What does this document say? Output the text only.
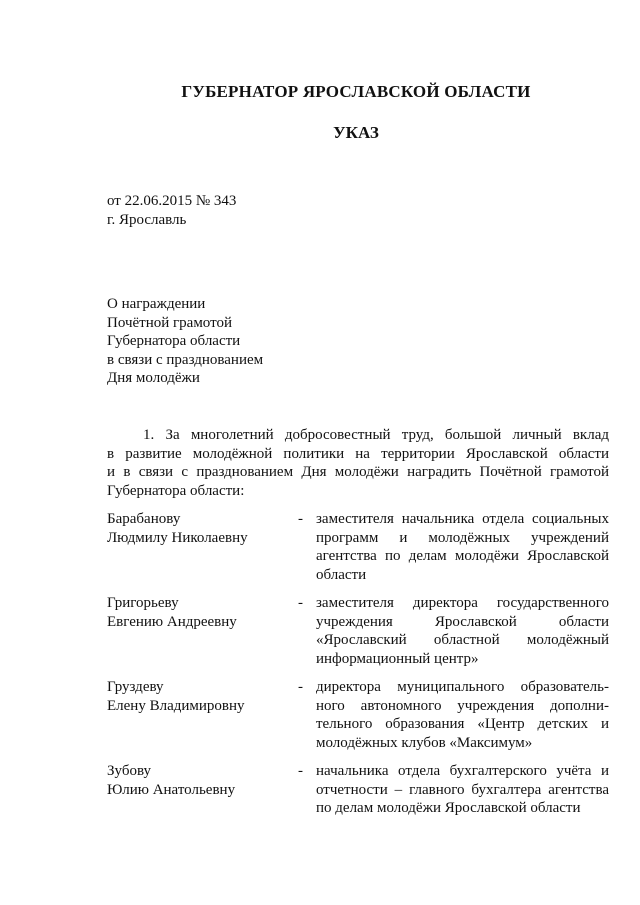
ГУБЕРНАТОР ЯРОСЛАВСКОЙ ОБЛАСТИ
УКАЗ
от 22.06.2015 № 343
г. Ярославль
О награждении
Почётной грамотой
Губернатора области
в связи с празднованием
Дня молодёжи
1. За многолетний добросовестный труд, большой личный вклад
в развитие молодёжной политики на территории Ярославской области
и в связи с празднованием Дня молодёжи наградить Почётной грамотой
Губернатора области:
Барабанову
Людмилу Николаевну
- заместителя начальника отдела социальных
программ и молодёжных учреждений
агентства по делам молодёжи Ярославской
области
Григорьеву
Евгению Андреевну
- заместителя директора государственного
учреждения Ярославской области
«Ярославский областной молодёжный
информационный центр»
Груздеву
Елену Владимировну
- директора муниципального образователь-
ного автономного учреждения дополни-
тельного образования «Центр детских и
молодёжных клубов «Максимум»
Зубову
Юлию Анатольевну
- начальника отдела бухгалтерского учёта и
отчетности – главного бухгалтера агентства
по делам молодёжи Ярославской области
